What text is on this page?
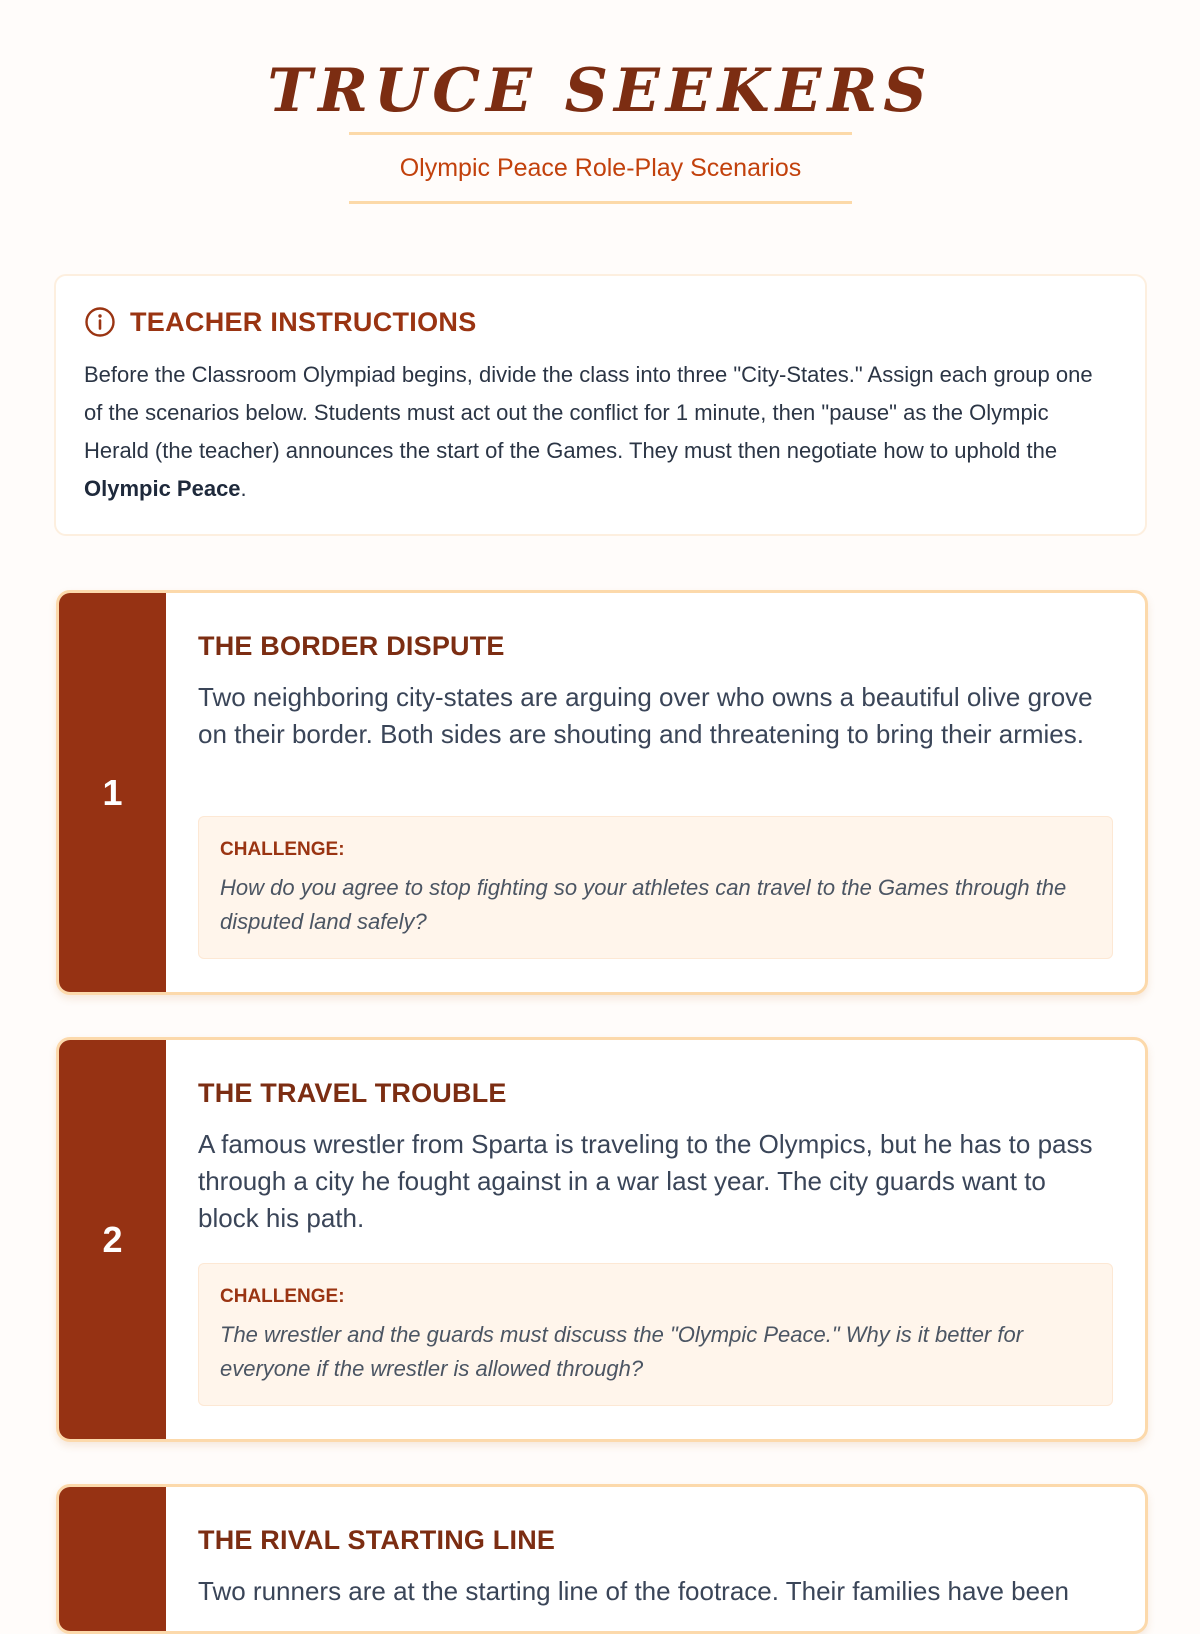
TRUCE SEEKERS
Olympic Peace Role-Play Scenarios
TEACHER INSTRUCTIONS
Before the Classroom Olympiad begins, divide the class into three "City-States." Assign each group one of the scenarios below. Students must act out the conflict for 1 minute, then "pause" as the Olympic Herald (the teacher) announces the start of the Games. They must then negotiate how to uphold the Olympic Peace.
1
THE BORDER DISPUTE
Two neighboring city-states are arguing over who owns a beautiful olive grove on their border. Both sides are shouting and threatening to bring their armies.
CHALLENGE:
How do you agree to stop fighting so your athletes can travel to the Games through the disputed land safely?
2
THE TRAVEL TROUBLE
A famous wrestler from Sparta is traveling to the Olympics, but he has to pass through a city he fought against in a war last year. The city guards want to block his path.
CHALLENGE:
The wrestler and the guards must discuss the "Olympic Peace." Why is it better for everyone if the wrestler is allowed through?
THE RIVAL STARTING LINE
Two runners are at the starting line of the footrace. Their families have been
